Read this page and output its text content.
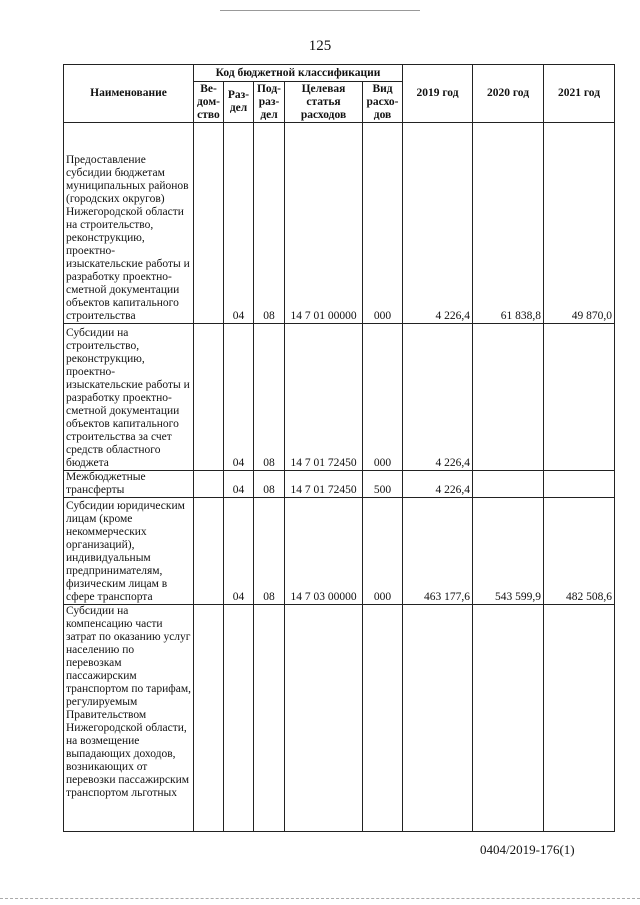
125
Наименование	Код бюджетной классификации					2019 год	2020 год	2021 год
	Ве-дом-ство	Раз-дел	Под-раз-дел	Целевая статья расходов	Вид расхо-дов			
Предоставление субсидии бюджетам муниципальных районов (городских округов) Нижегородской области на строительство, реконструкцию, проектно-изыскательские работы и разработку проектно-сметной документации объектов капитального строительства		04	08	14 7 01 00000	000	4 226,4	61 838,8	49 870,0
Субсидии на строительство, реконструкцию, проектно-изыскательские работы и разработку проектно-сметной документации объектов капитального строительства за счет средств областного бюджета		04	08	14 7 01 72450	000	4 226,4		
Межбюджетные трансферты		04	08	14 7 01 72450	500	4 226,4		
Субсидии юридическим лицам (кроме некоммерческих организаций), индивидуальным предпринимателям, физическим лицам в сфере транспорта		04	08	14 7 03 00000	000	463 177,6	543 599,9	482 508,6
Субсидии на компенсацию части затрат по оказанию услуг населению по перевозкам пассажирским транспортом по тарифам, регулируемым Правительством Нижегородской области, на возмещение выпадающих доходов, возникающих от перевозки пассажирским транспортом льготных								
0404/2019-176(1)
